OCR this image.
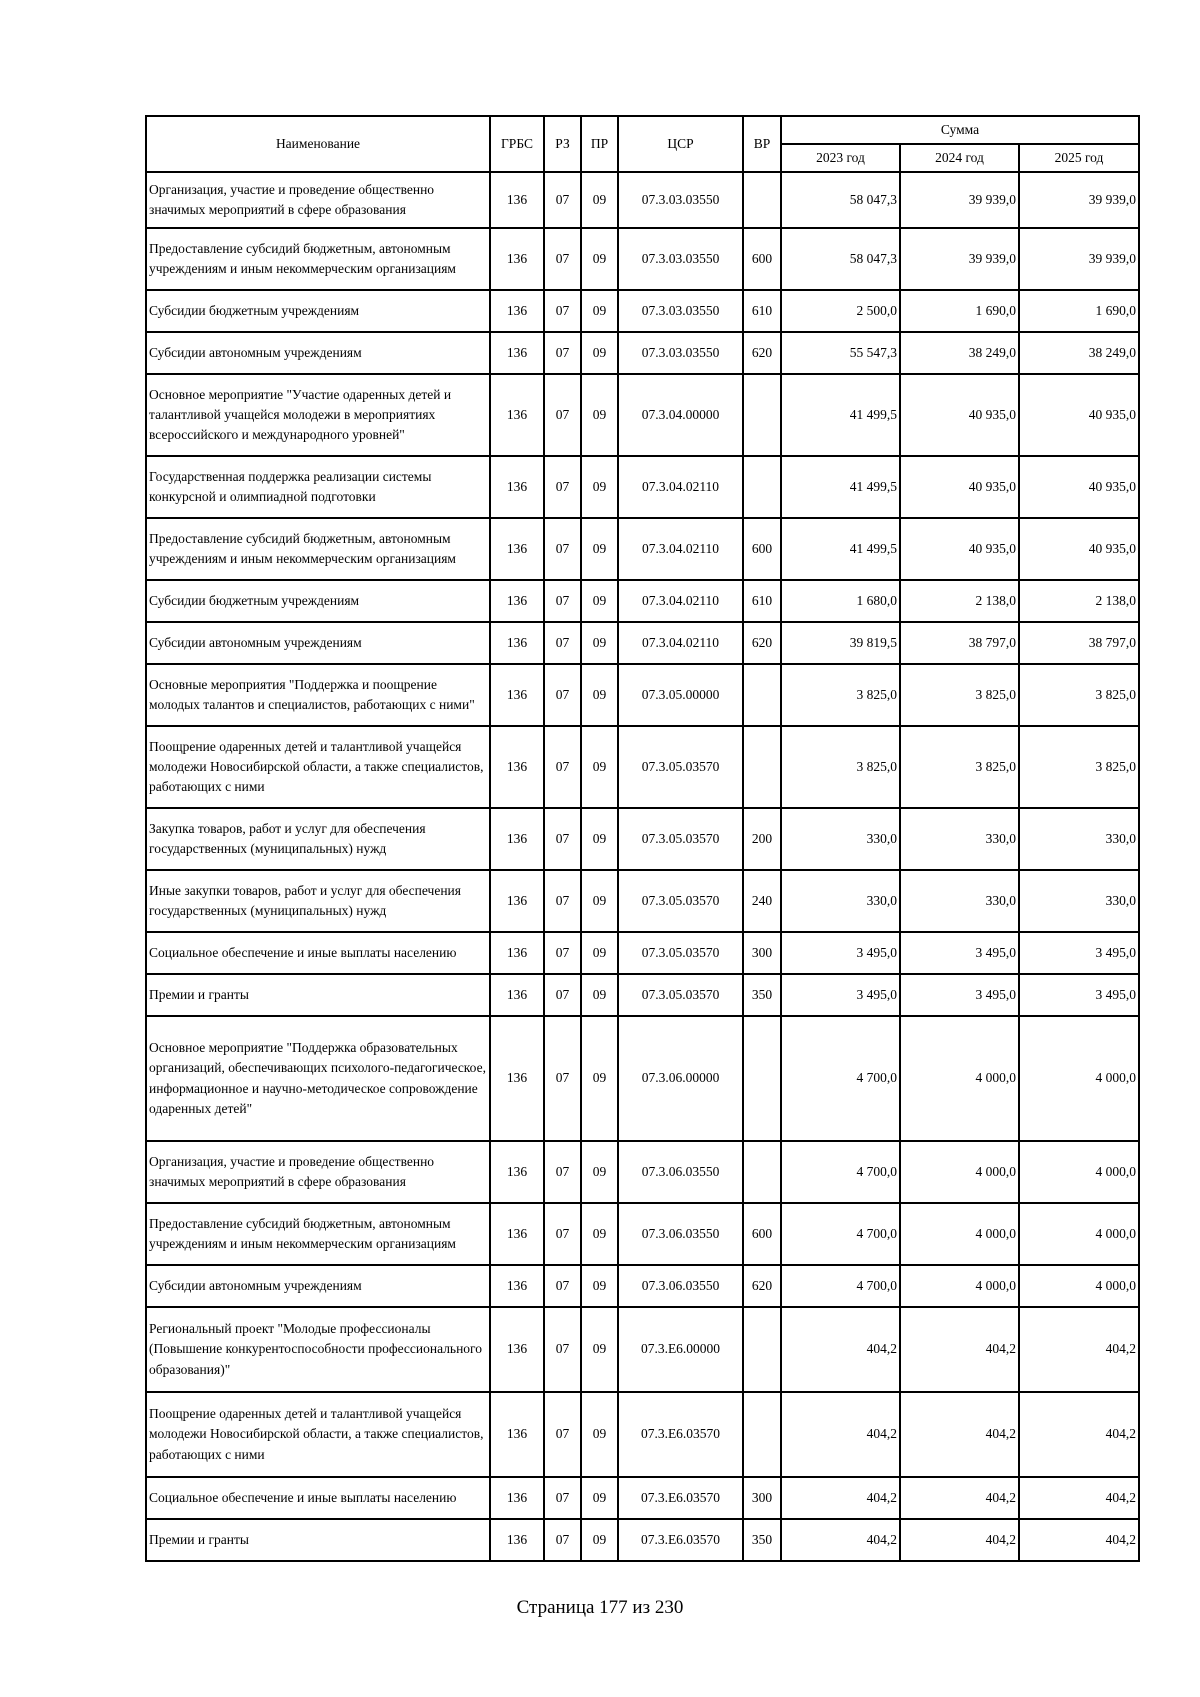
Наименование	ГРБС	РЗ	ПР	ЦСР	ВР	Сумма		
						2023 год	2024 год	2025 год
Организация, участие и проведение общественно значимых мероприятий в сфере образования	136	07	09	07.3.03.03550		58 047,3	39 939,0	39 939,0
Предоставление субсидий бюджетным, автономным учреждениям и иным некоммерческим организациям	136	07	09	07.3.03.03550	600	58 047,3	39 939,0	39 939,0
Субсидии бюджетным учреждениям	136	07	09	07.3.03.03550	610	2 500,0	1 690,0	1 690,0
Субсидии автономным учреждениям	136	07	09	07.3.03.03550	620	55 547,3	38 249,0	38 249,0
Основное мероприятие "Участие одаренных детей и талантливой учащейся молодежи в мероприятиях всероссийского и международного уровней"	136	07	09	07.3.04.00000		41 499,5	40 935,0	40 935,0
Государственная поддержка реализации системы конкурсной и олимпиадной подготовки	136	07	09	07.3.04.02110		41 499,5	40 935,0	40 935,0
Предоставление субсидий бюджетным, автономным учреждениям и иным некоммерческим организациям	136	07	09	07.3.04.02110	600	41 499,5	40 935,0	40 935,0
Субсидии бюджетным учреждениям	136	07	09	07.3.04.02110	610	1 680,0	2 138,0	2 138,0
Субсидии автономным учреждениям	136	07	09	07.3.04.02110	620	39 819,5	38 797,0	38 797,0
Основные мероприятия "Поддержка и поощрение молодых талантов и специалистов, работающих с ними"	136	07	09	07.3.05.00000		3 825,0	3 825,0	3 825,0
Поощрение одаренных детей и талантливой учащейся молодежи Новосибирской области, а также специалистов, работающих с ними	136	07	09	07.3.05.03570		3 825,0	3 825,0	3 825,0
Закупка товаров, работ и услуг для обеспечения государственных (муниципальных) нужд	136	07	09	07.3.05.03570	200	330,0	330,0	330,0
Иные закупки товаров, работ и услуг для обеспечения государственных (муниципальных) нужд	136	07	09	07.3.05.03570	240	330,0	330,0	330,0
Социальное обеспечение и иные выплаты населению	136	07	09	07.3.05.03570	300	3 495,0	3 495,0	3 495,0
Премии и гранты	136	07	09	07.3.05.03570	350	3 495,0	3 495,0	3 495,0
Основное мероприятие "Поддержка образовательных организаций, обеспечивающих психолого-педагогическое, информационное и научно-методическое сопровождение одаренных детей"	136	07	09	07.3.06.00000		4 700,0	4 000,0	4 000,0
Организация, участие и проведение общественно значимых мероприятий в сфере образования	136	07	09	07.3.06.03550		4 700,0	4 000,0	4 000,0
Предоставление субсидий бюджетным, автономным учреждениям и иным некоммерческим организациям	136	07	09	07.3.06.03550	600	4 700,0	4 000,0	4 000,0
Субсидии автономным учреждениям	136	07	09	07.3.06.03550	620	4 700,0	4 000,0	4 000,0
Региональный проект "Молодые профессионалы (Повышение конкурентоспособности профессионального образования)"	136	07	09	07.3.Е6.00000		404,2	404,2	404,2
Поощрение одаренных детей и талантливой учащейся молодежи Новосибирской области, а также специалистов, работающих с ними	136	07	09	07.3.Е6.03570		404,2	404,2	404,2
Социальное обеспечение и иные выплаты населению	136	07	09	07.3.Е6.03570	300	404,2	404,2	404,2
Премии и гранты	136	07	09	07.3.Е6.03570	350	404,2	404,2	404,2
Страница 177 из 230
